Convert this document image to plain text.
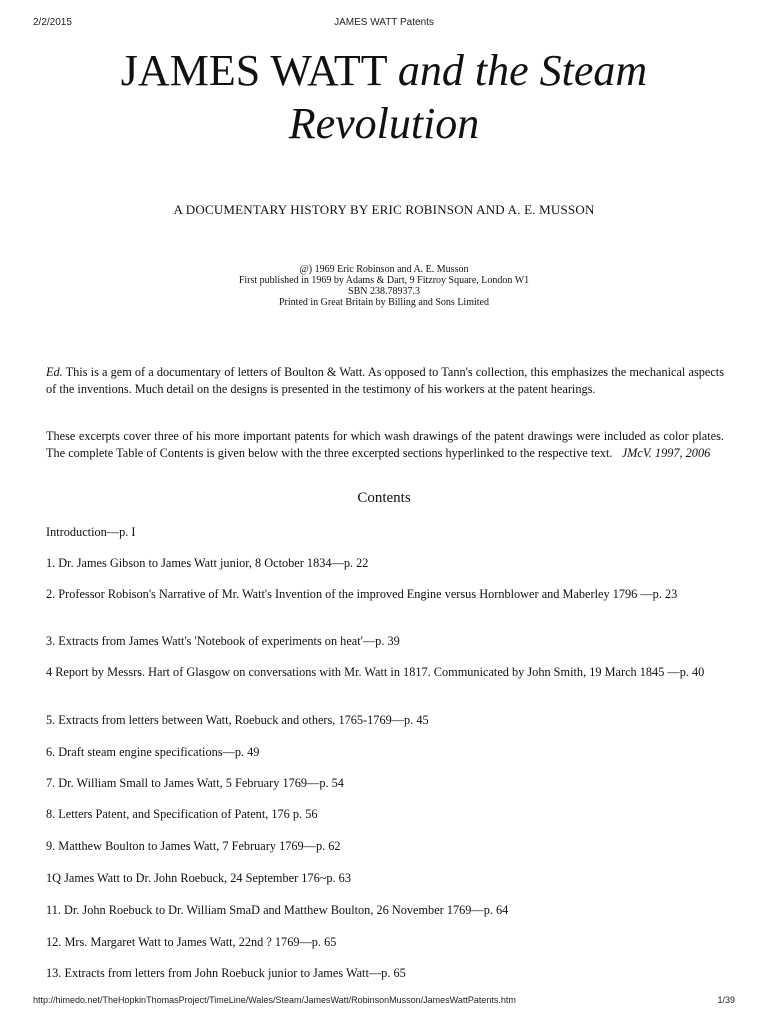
2/2/2015	JAMES WATT Patents
JAMES WATT and the Steam Revolution
A DOCUMENTARY HISTORY BY ERIC ROBINSON AND A. E. MUSSON
@) 1969 Eric Robinson and A. E. Musson
First published in 1969 by Adams & Dart, 9 Fitzroy Square, London W1
SBN 238.78937.3
Printed in Great Britain by Billing and Sons Limited

Ed. This is a gem of a documentary of letters of Boulton & Watt. As opposed to Tann's collection, this emphasizes the mechanical aspects of the inventions. Much detail on the designs is presented in the testimony of his workers at the patent hearings.

These excerpts cover three of his more important patents for which wash drawings of the patent drawings were included as color plates. The complete Table of Contents is given below with the three excerpted sections hyperlinked to the respective text. JMcV. 1997, 2006

Contents
Introduction—p. I
1. Dr. James Gibson to James Watt junior, 8 October 1834—p. 22
2. Professor Robison's Narrative of Mr. Watt's Invention of the improved Engine versus Hornblower and Maberley 1796 —p. 23
3. Extracts from James Watt's 'Notebook of experiments on heat'—p. 39
4 Report by Messrs. Hart of Glasgow on conversations with Mr. Watt in 1817. Communicated by John Smith, 19 March 1845 —p. 40
5. Extracts from letters between Watt, Roebuck and others, 1765-1769—p. 45
6. Draft steam engine specifications—p. 49
7. Dr. William Small to James Watt, 5 February 1769—p. 54
8. Letters Patent, and Specification of Patent, 176 p. 56
9. Matthew Boulton to James Watt, 7 February 1769—p. 62
1Q James Watt to Dr. John Roebuck, 24 September 176~p. 63
11. Dr. John Roebuck to Dr. William SmaD and Matthew Boulton, 26 November 1769—p. 64
12. Mrs. Margaret Watt to James Watt, 22nd ? 1769—p. 65
13. Extracts from letters from John Roebuck junior to James Watt—p. 65
http://himedo.net/TheHopkinThomasProject/TimeLine/Wales/Steam/JamesWatt/RobinsonMusson/JamesWattPatents.htm	1/39
